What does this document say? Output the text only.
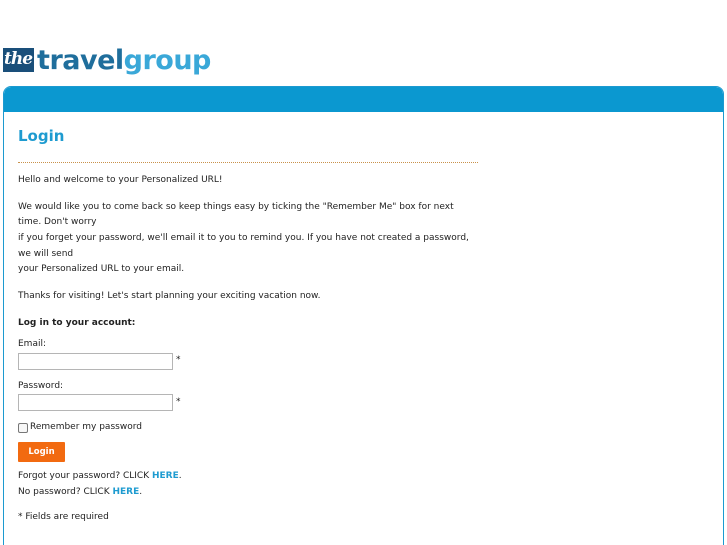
the travel group
Login
Hello and welcome to your Personalized URL!
We would like you to come back so keep things easy by ticking the "Remember Me" box for next time. Don't worry
if you forget your password, we'll email it to you to remind you. If you have not created a password, we will send
your Personalized URL to your email.
Thanks for visiting! Let's start planning your exciting vacation now.
Log in to your account:
Email:
*
Password:
*
Remember my password
Login
Forgot your password? CLICK HERE.
No password? CLICK HERE.
* Fields are required
